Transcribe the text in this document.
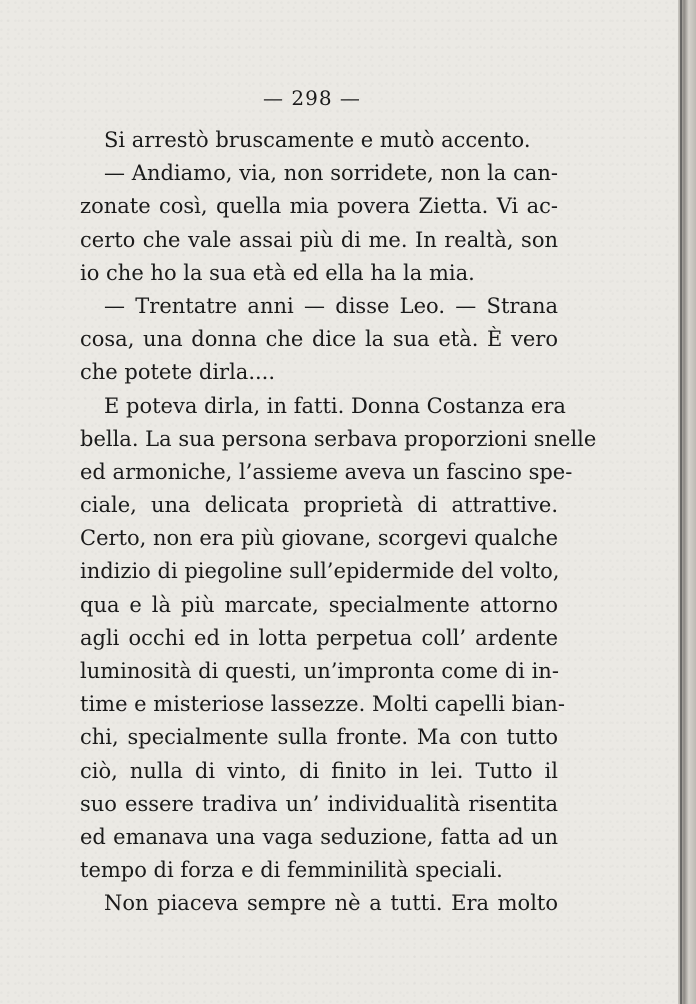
— 298 —
Si arrestò bruscamente e mutò accento.
— Andiamo, via, non sorridete, non la can-
zonate così, quella mia povera Zietta. Vi ac-
certo che vale assai più di me. In realtà, son
io che ho la sua età ed ella ha la mia.
— Trentatre anni — disse Leo. — Strana
cosa, una donna che dice la sua età. È vero
che potete dirla....
E poteva dirla, in fatti. Donna Costanza era
bella. La sua persona serbava proporzioni snelle
ed armoniche, l’assieme aveva un fascino spe-
ciale, una delicata proprietà di attrattive.
Certo, non era più giovane, scorgevi qualche
indizio di piegoline sull’epidermide del volto,
qua e là più marcate, specialmente attorno
agli occhi ed in lotta perpetua coll’ ardente
luminosità di questi, un’impronta come di in-
time e misteriose lassezze. Molti capelli bian-
chi, specialmente sulla fronte. Ma con tutto
ciò, nulla di vinto, di finito in lei. Tutto il
suo essere tradiva un’ individualità risentita
ed emanava una vaga seduzione, fatta ad un
tempo di forza e di femminilità speciali.
Non piaceva sempre nè a tutti. Era molto
